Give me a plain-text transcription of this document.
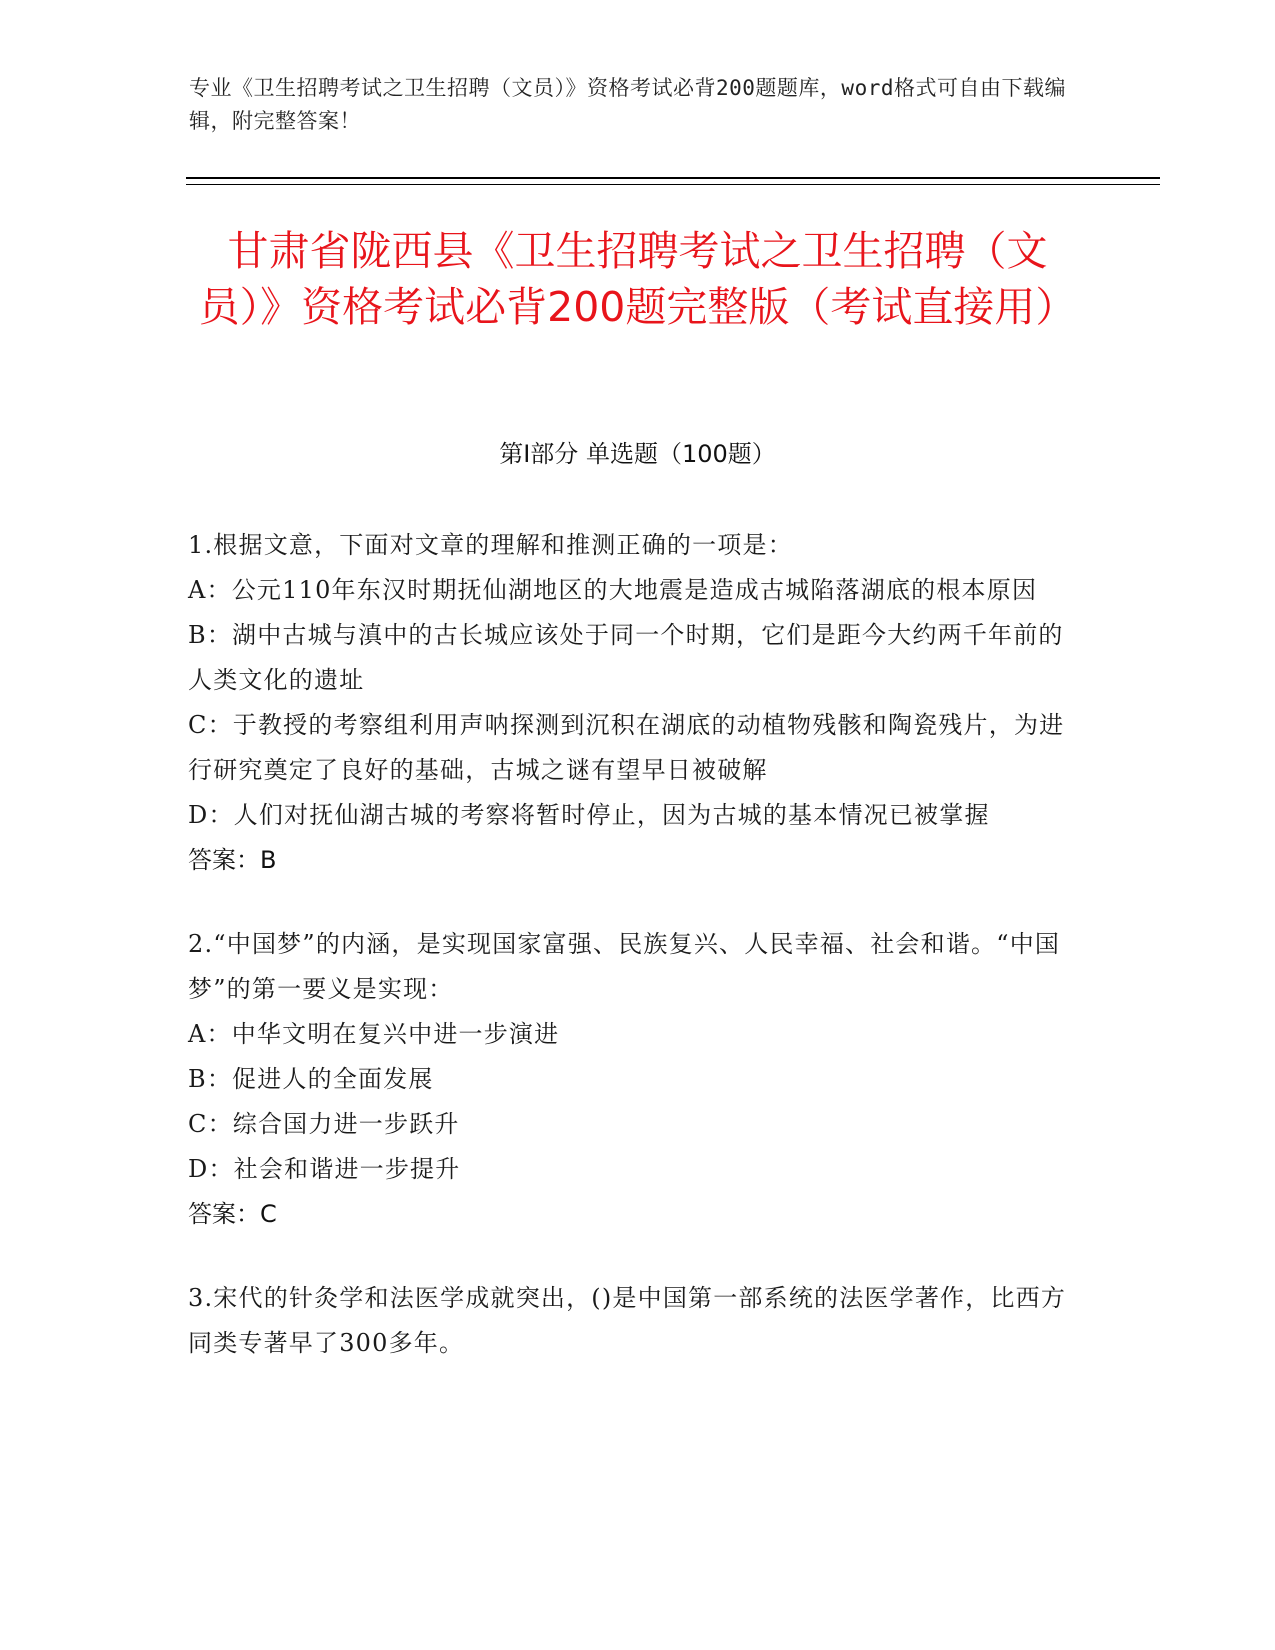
专业《卫生招聘考试之卫生招聘（文员）》资格考试必背200题题库，word格式可自由下载编辑，附完整答案！
甘肃省陇西县《卫生招聘考试之卫生招聘（文员）》资格考试必背200题完整版（考试直接用）
第Ⅰ部分 单选题（100题）
1.根据文意，下面对文章的理解和推测正确的一项是：
A：公元110年东汉时期抚仙湖地区的大地震是造成古城陷落湖底的根本原因
B：湖中古城与滇中的古长城应该处于同一个时期，它们是距今大约两千年前的人类文化的遗址
C：于教授的考察组利用声呐探测到沉积在湖底的动植物残骸和陶瓷残片，为进行研究奠定了良好的基础，古城之谜有望早日被破解
D：人们对抚仙湖古城的考察将暂时停止，因为古城的基本情况已被掌握
答案：B
2.“中国梦”的内涵，是实现国家富强、民族复兴、人民幸福、社会和谐。“中国梦”的第一要义是实现：
A：中华文明在复兴中进一步演进
B：促进人的全面发展
C：综合国力进一步跃升
D：社会和谐进一步提升
答案：C
3.宋代的针灸学和法医学成就突出，()是中国第一部系统的法医学著作，比西方同类专著早了300多年。
